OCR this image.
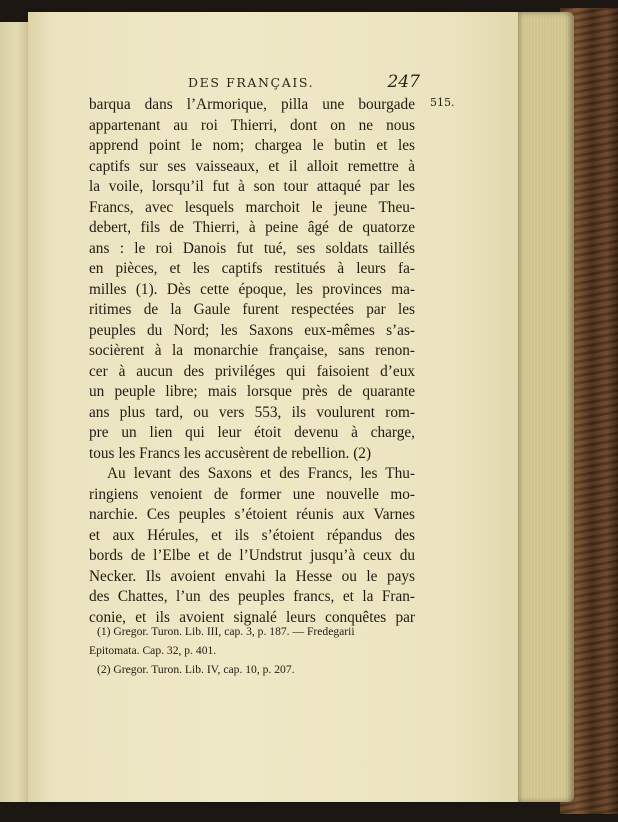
DES FRANÇAIS.	247
515.
barqua dans l’Armorique, pilla une bourgade
appartenant au roi Thierri, dont on ne nous
apprend point le nom; chargea le butin et les
captifs sur ses vaisseaux, et il alloit remettre à
la voile, lorsqu’il fut à son tour attaqué par les
Francs, avec lesquels marchoit le jeune Theu-
debert, fils de Thierri, à peine âgé de quatorze
ans : le roi Danois fut tué, ses soldats taillés
en pièces, et les captifs restitués à leurs fa-
milles (1). Dès cette époque, les provinces ma-
ritimes de la Gaule furent respectées par les
peuples du Nord; les Saxons eux-mêmes s’as-
socièrent à la monarchie française, sans renon-
cer à aucun des priviléges qui faisoient d’eux
un peuple libre; mais lorsque près de quarante
ans plus tard, ou vers 553, ils voulurent rom-
pre un lien qui leur étoit devenu à charge,
tous les Francs les accusèrent de rebellion. (2)
Au levant des Saxons et des Francs, les Thu-
ringiens venoient de former une nouvelle mo-
narchie. Ces peuples s’étoient réunis aux Varnes
et aux Hérules, et ils s’étoient répandus des
bords de l’Elbe et de l’Undstrut jusqu’à ceux du
Necker. Ils avoient envahi la Hesse ou le pays
des Chattes, l’un des peuples francs, et la Fran-
conie, et ils avoient signalé leurs conquêtes par
(1) Gregor. Turon. Lib. III, cap. 3, p. 187. — Fredegarii
Epitomata. Cap. 32, p. 401.
(2) Gregor. Turon. Lib. IV, cap. 10, p. 207.
